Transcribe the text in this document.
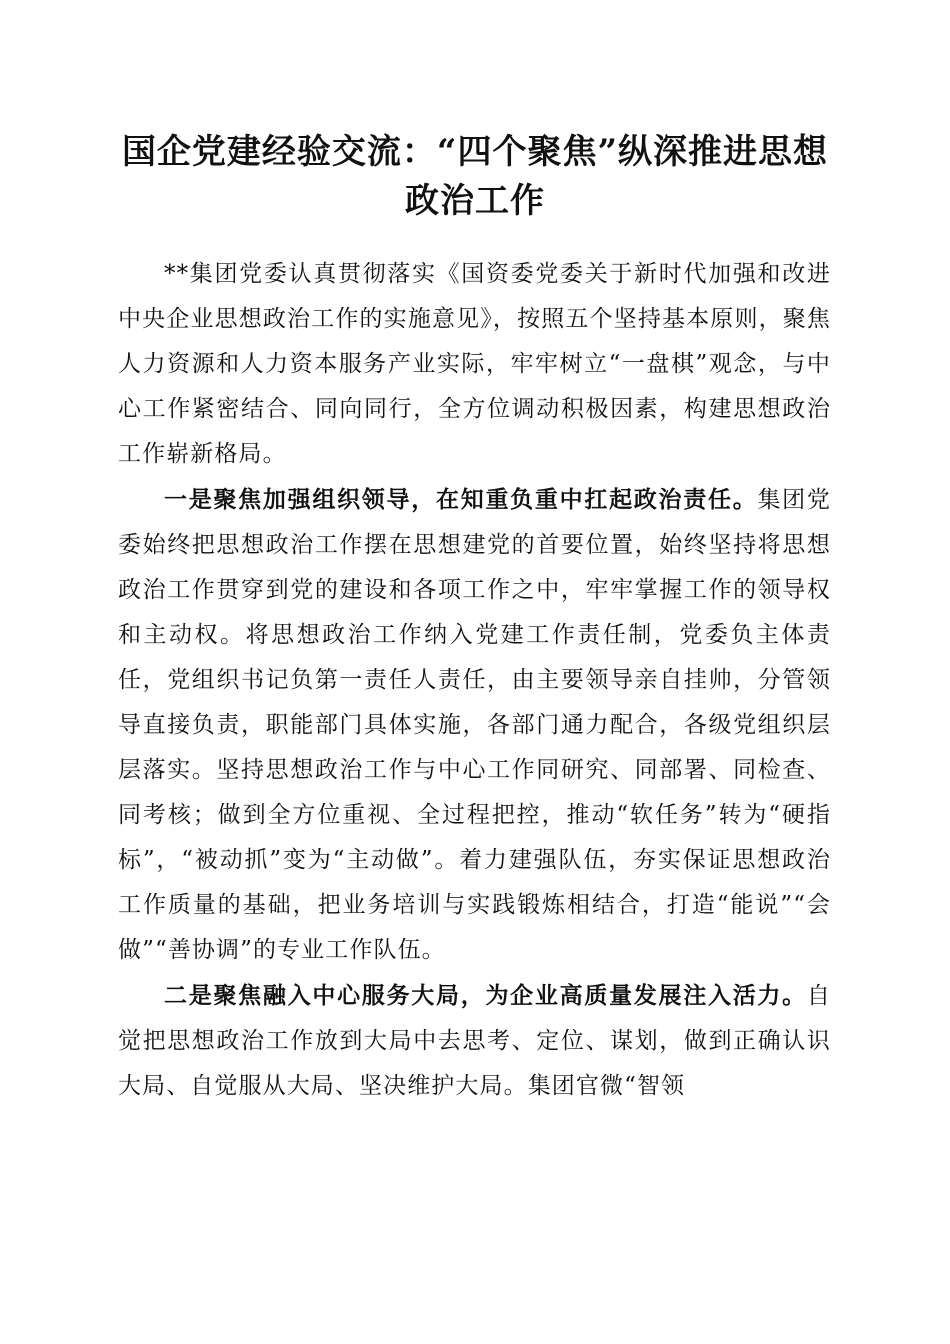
国企党建经验交流：“四个聚焦”纵深推进思想政治工作

**集团党委认真贯彻落实《国资委党委关于新时代加强和改进中央企业思想政治工作的实施意见》，按照五个坚持基本原则，聚焦人力资源和人力资本服务产业实际，牢牢树立“一盘棋”观念，与中心工作紧密结合、同向同行，全方位调动积极因素，构建思想政治工作崭新格局。

一是聚焦加强组织领导，在知重负重中扛起政治责任。集团党委始终把思想政治工作摆在思想建党的首要位置，始终坚持将思想政治工作贯穿到党的建设和各项工作之中，牢牢掌握工作的领导权和主动权。将思想政治工作纳入党建工作责任制，党委负主体责任，党组织书记负第一责任人责任，由主要领导亲自挂帅，分管领导直接负责，职能部门具体实施，各部门通力配合，各级党组织层层落实。坚持思想政治工作与中心工作同研究、同部署、同检查、同考核；做到全方位重视、全过程把控，推动“软任务”转为“硬指标”，“被动抓”变为“主动做”。着力建强队伍，夯实保证思想政治工作质量的基础，把业务培训与实践锻炼相结合，打造“能说”“会做”“善协调”的专业工作队伍。

二是聚焦融入中心服务大局，为企业高质量发展注入活力。自觉把思想政治工作放到大局中去思考、定位、谋划，做到正确认识大局、自觉服从大局、坚决维护大局。集团官微“智领
